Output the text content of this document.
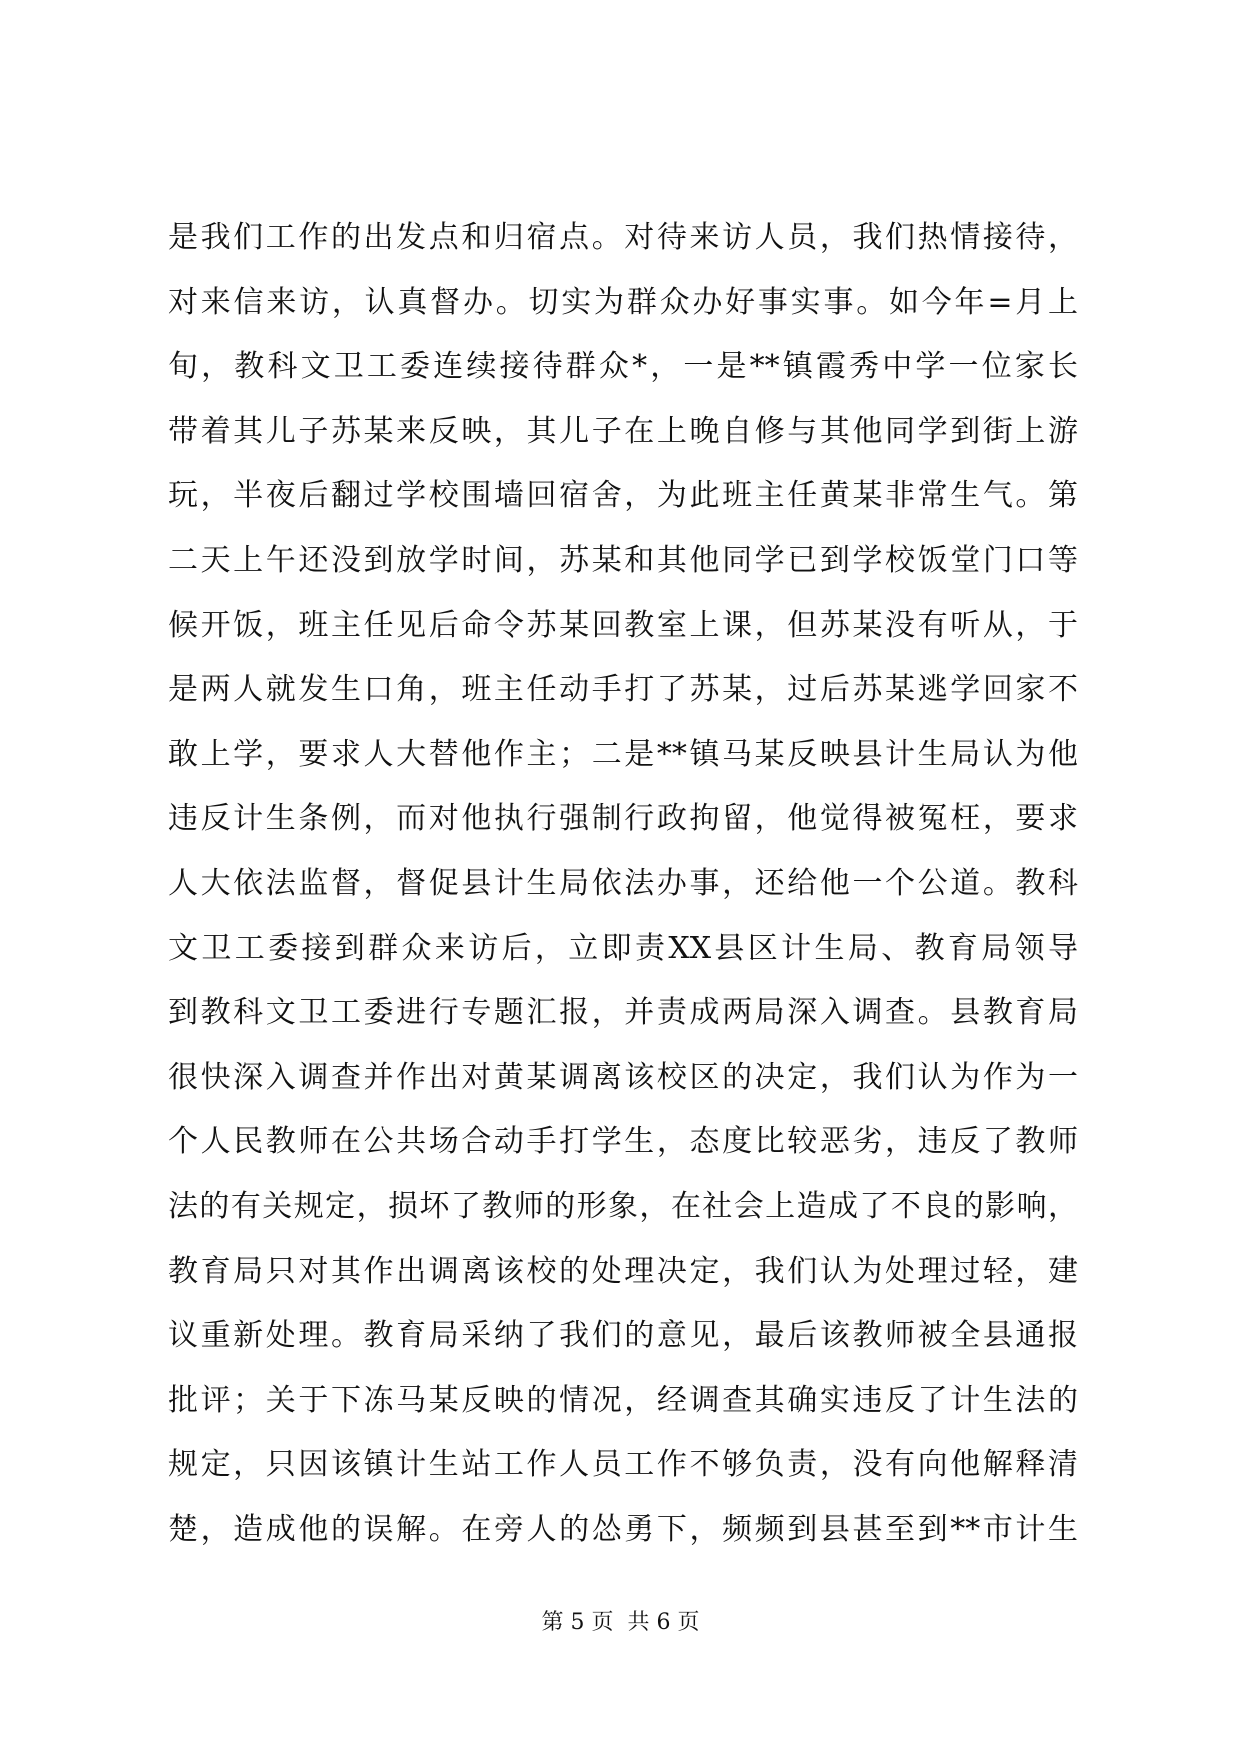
是我们工作的出发点和归宿点。对待来访人员，我们热情接待，
对来信来访，认真督办。切实为群众办好事实事。如今年=月上
旬，教科文卫工委连续接待群众*，一是**镇霞秀中学一位家长
带着其儿子苏某来反映，其儿子在上晚自修与其他同学到街上游
玩，半夜后翻过学校围墙回宿舍，为此班主任黄某非常生气。第
二天上午还没到放学时间，苏某和其他同学已到学校饭堂门口等
候开饭，班主任见后命令苏某回教室上课，但苏某没有听从，于
是两人就发生口角，班主任动手打了苏某，过后苏某逃学回家不
敢上学，要求人大替他作主；二是**镇马某反映县计生局认为他
违反计生条例，而对他执行强制行政拘留，他觉得被冤枉，要求
人大依法监督，督促县计生局依法办事，还给他一个公道。教科
文卫工委接到群众来访后，立即责XX县区计生局、教育局领导
到教科文卫工委进行专题汇报，并责成两局深入调查。县教育局
很快深入调查并作出对黄某调离该校区的决定，我们认为作为一
个人民教师在公共场合动手打学生，态度比较恶劣，违反了教师
法的有关规定，损坏了教师的形象，在社会上造成了不良的影响，
教育局只对其作出调离该校的处理决定，我们认为处理过轻，建
议重新处理。教育局采纳了我们的意见，最后该教师被全县通报
批评；关于下冻马某反映的情况，经调查其确实违反了计生法的
规定，只因该镇计生站工作人员工作不够负责，没有向他解释清
楚，造成他的误解。在旁人的怂勇下，频频到县甚至到**市计生
第 5 页  共 6 页
